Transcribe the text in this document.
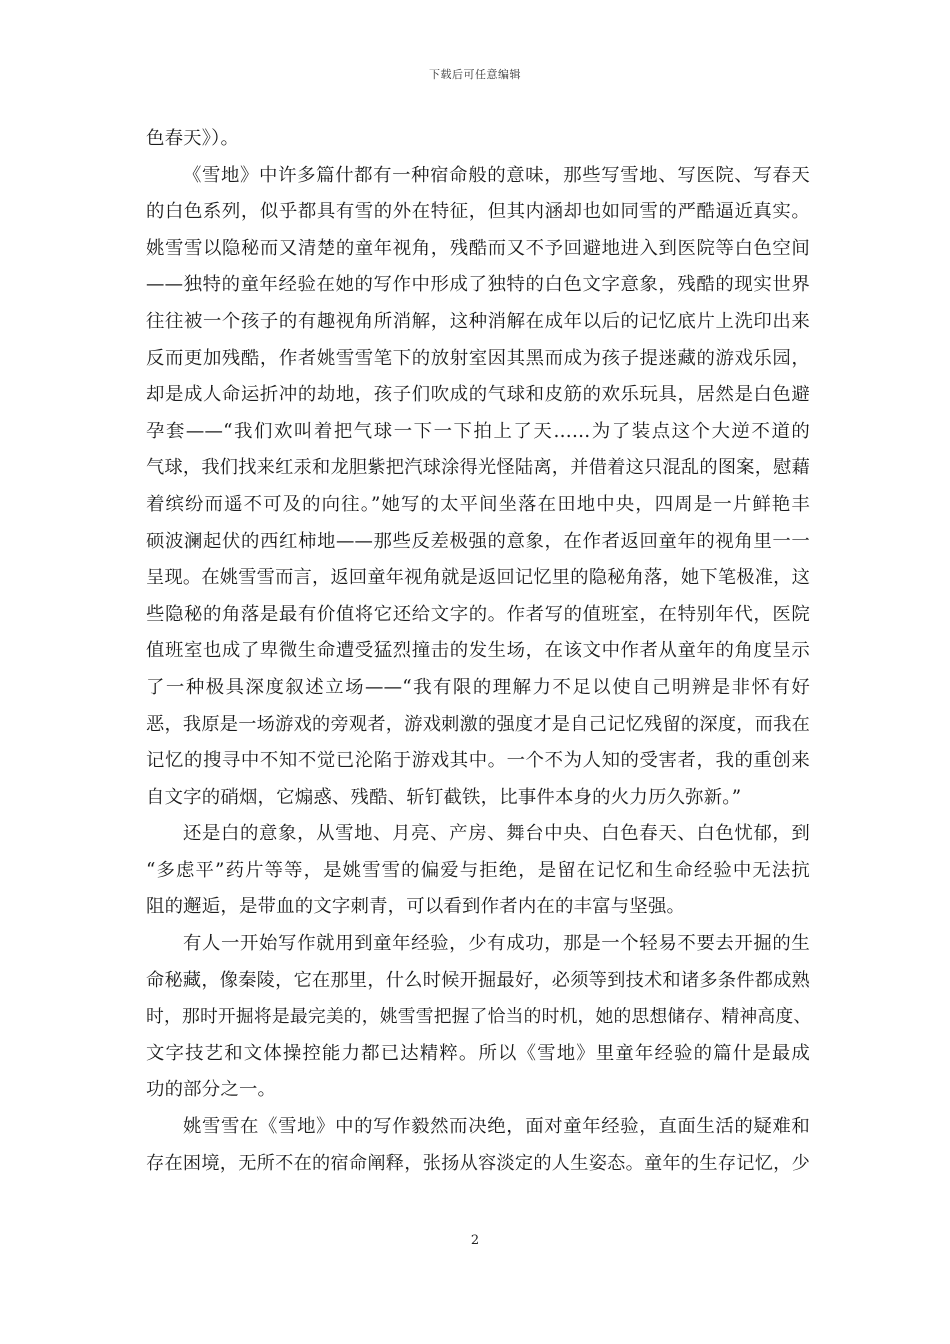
下载后可任意编辑
色春天》）。
《雪地》中许多篇什都有一种宿命般的意味，那些写雪地、写医院、写春天
的白色系列，似乎都具有雪的外在特征，但其内涵却也如同雪的严酷逼近真实。
姚雪雪以隐秘而又清楚的童年视角，残酷而又不予回避地进入到医院等白色空间
——独特的童年经验在她的写作中形成了独特的白色文字意象，残酷的现实世界
往往被一个孩子的有趣视角所消解，这种消解在成年以后的记忆底片上洗印出来
反而更加残酷，作者姚雪雪笔下的放射室因其黑而成为孩子提迷藏的游戏乐园，
却是成人命运折冲的劫地，孩子们吹成的气球和皮筋的欢乐玩具，居然是白色避
孕套——“我们欢叫着把气球一下一下拍上了天……为了装点这个大逆不道的
气球，我们找来红汞和龙胆紫把汽球涂得光怪陆离，并借着这只混乱的图案，慰藉
着缤纷而遥不可及的向往。”她写的太平间坐落在田地中央，四周是一片鲜艳丰
硕波澜起伏的西红柿地——那些反差极强的意象，在作者返回童年的视角里一一
呈现。在姚雪雪而言，返回童年视角就是返回记忆里的隐秘角落，她下笔极准，这
些隐秘的角落是最有价值将它还给文字的。作者写的值班室，在特别年代，医院
值班室也成了卑微生命遭受猛烈撞击的发生场，在该文中作者从童年的角度呈示
了一种极具深度叙述立场——“我有限的理解力不足以使自己明辨是非怀有好
恶，我原是一场游戏的旁观者，游戏刺激的强度才是自己记忆残留的深度，而我在
记忆的搜寻中不知不觉已沦陷于游戏其中。一个不为人知的受害者，我的重创来
自文字的硝烟，它煽惑、残酷、斩钉截铁，比事件本身的火力历久弥新。”
还是白的意象，从雪地、月亮、产房、舞台中央、白色春天、白色忧郁，到
“多虑平”药片等等，是姚雪雪的偏爱与拒绝，是留在记忆和生命经验中无法抗
阻的邂逅，是带血的文字刺青，可以看到作者内在的丰富与坚强。
有人一开始写作就用到童年经验，少有成功，那是一个轻易不要去开掘的生
命秘藏，像秦陵，它在那里，什么时候开掘最好，必须等到技术和诸多条件都成熟
时，那时开掘将是最完美的，姚雪雪把握了恰当的时机，她的思想储存、精神高度、
文字技艺和文体操控能力都已达精粹。所以《雪地》里童年经验的篇什是最成
功的部分之一。
姚雪雪在《雪地》中的写作毅然而决绝，面对童年经验，直面生活的疑难和
存在困境，无所不在的宿命阐释，张扬从容淡定的人生姿态。童年的生存记忆，少
2
